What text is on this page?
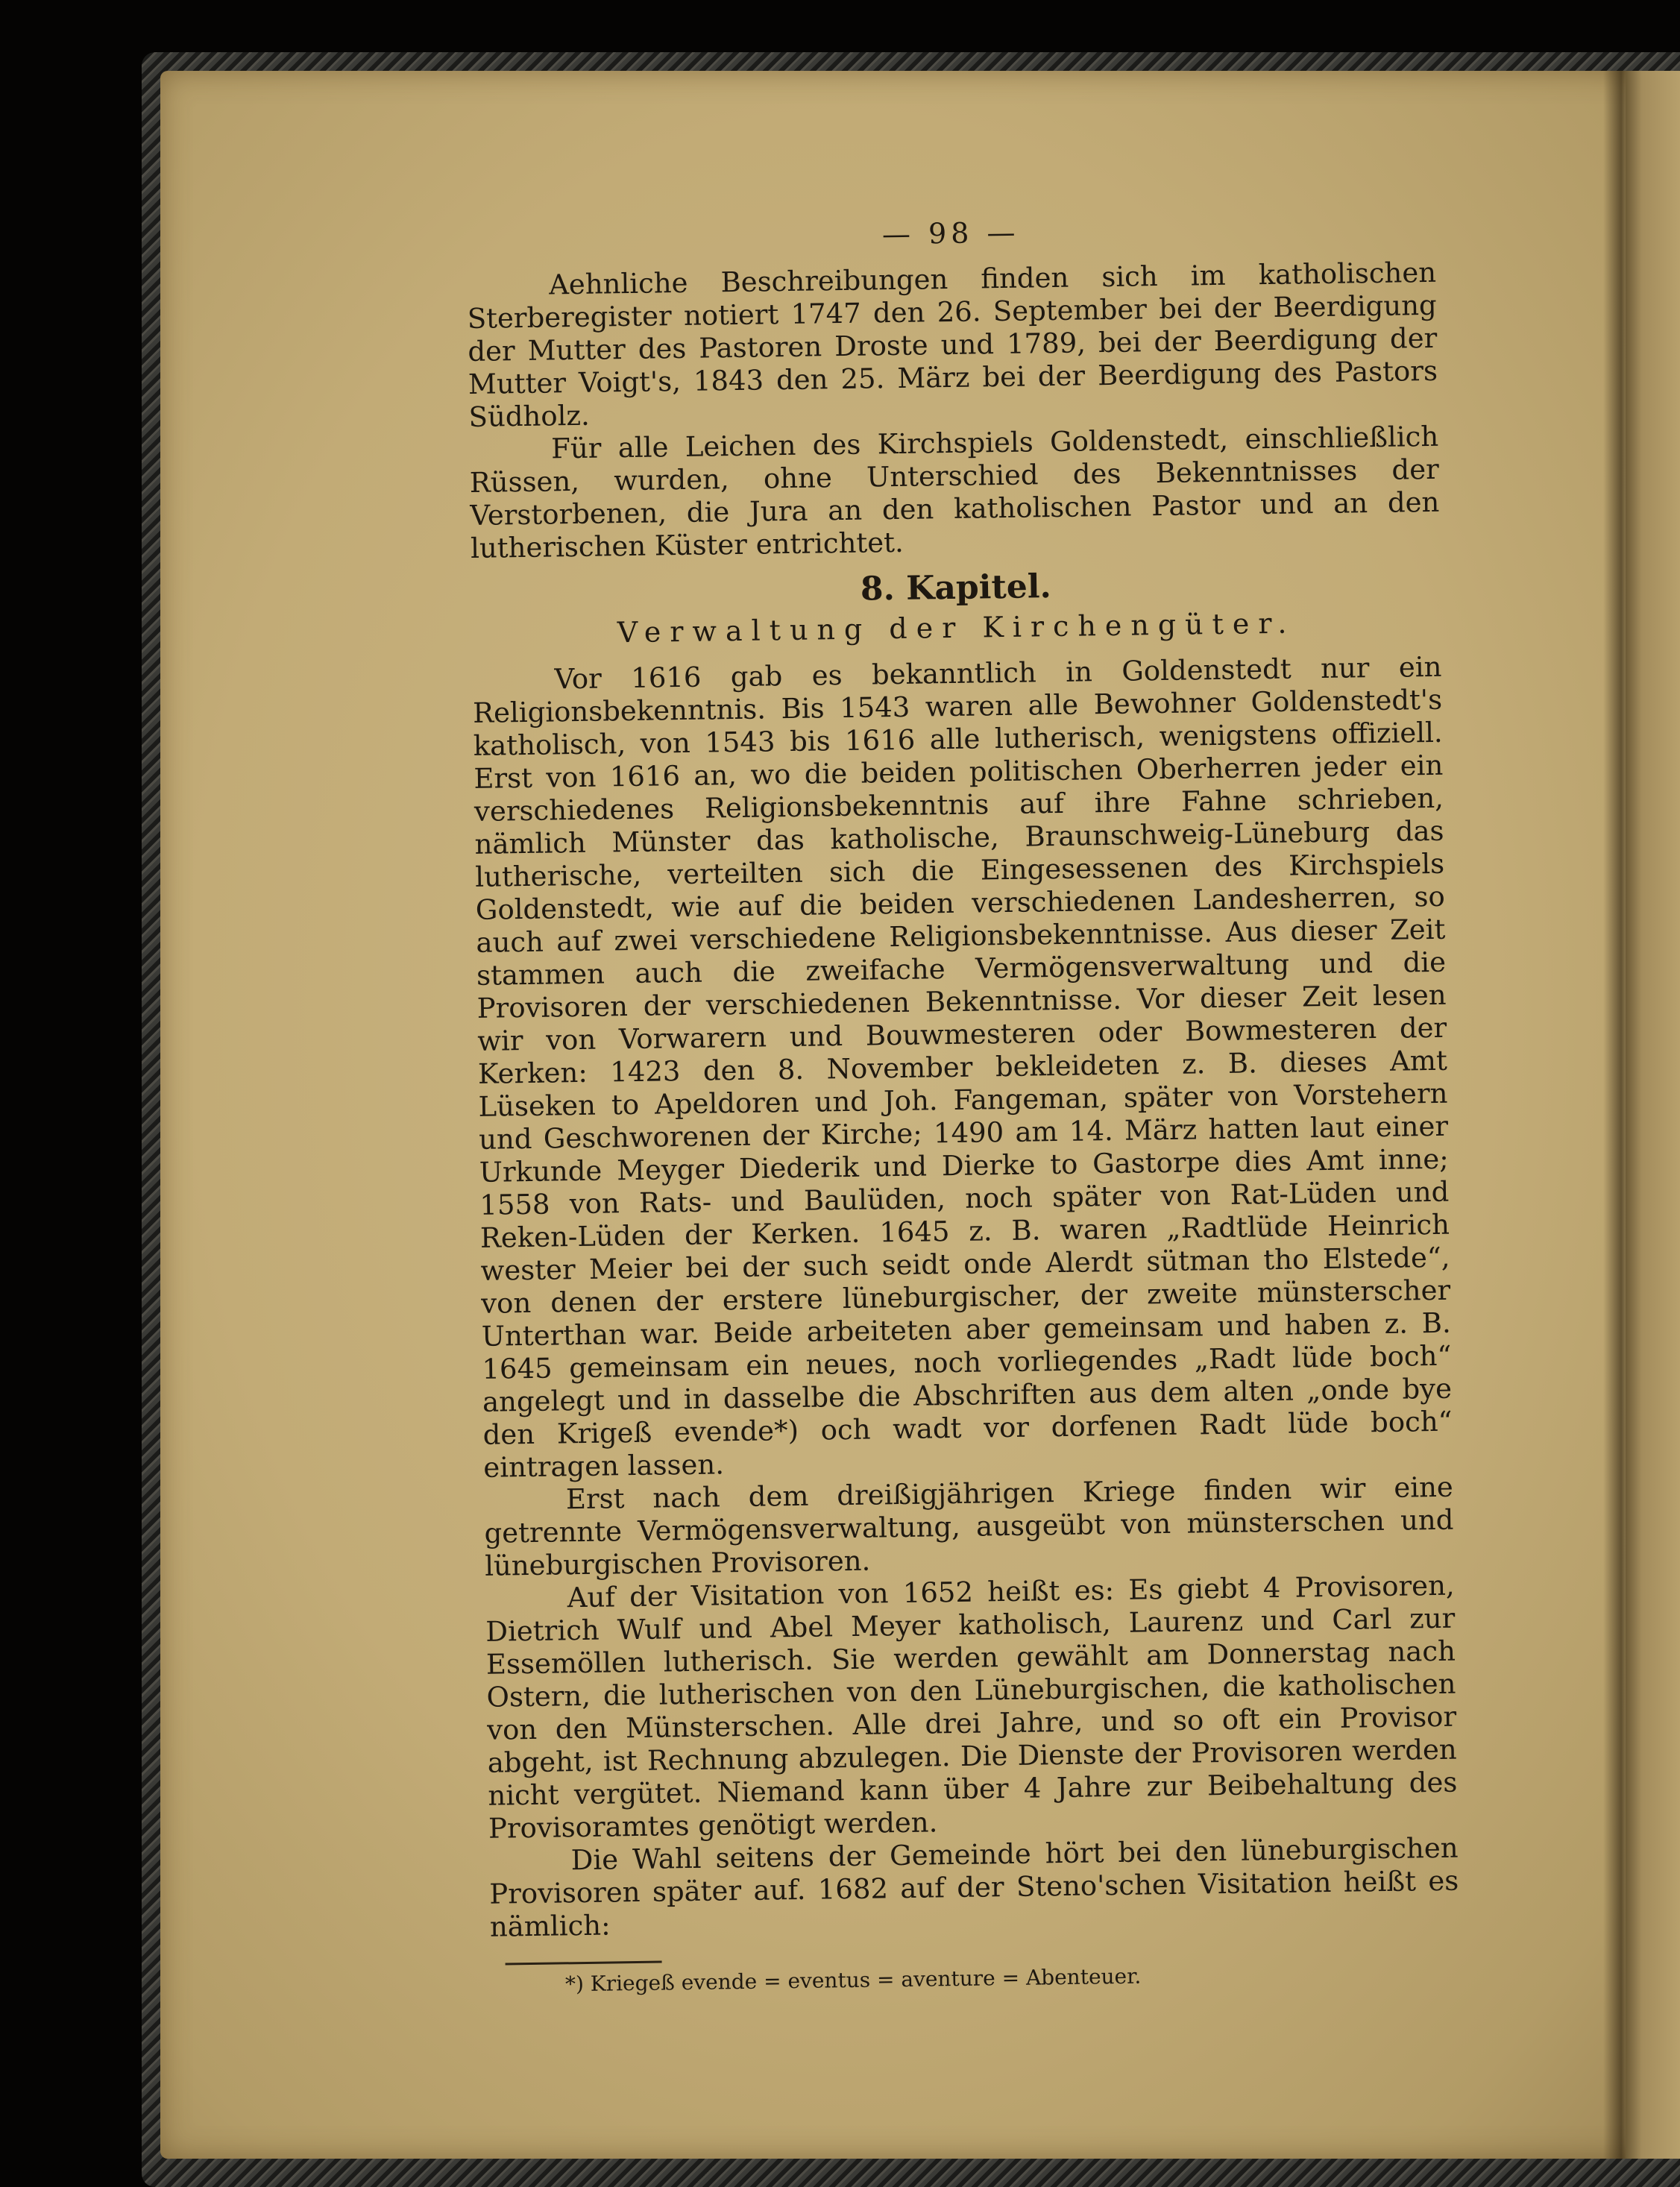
— 98 —

Aehnliche Beschreibungen finden sich im katholischen Sterberegister notiert 1747 den 26. September bei der Beerdigung der Mutter des Pastoren Droste und 1789, bei der Beerdigung der Mutter Voigt's, 1843 den 25. März bei der Beerdigung des Pastors Südholz.

Für alle Leichen des Kirchspiels Goldenstedt, einschließlich Rüssen, wurden, ohne Unterschied des Bekenntnisses der Verstorbenen, die Jura an den katholischen Pastor und an den lutherischen Küster entrichtet.

8. Kapitel.
Verwaltung der Kirchengüter.

Vor 1616 gab es bekanntlich in Goldenstedt nur ein Religionsbekenntnis. Bis 1543 waren alle Bewohner Goldenstedt's katholisch, von 1543 bis 1616 alle lutherisch, wenigstens offiziell. Erst von 1616 an, wo die beiden politischen Oberherren jeder ein verschiedenes Religionsbekenntnis auf ihre Fahne schrieben, nämlich Münster das katholische, Braunschweig-Lüneburg das lutherische, verteilten sich die Eingesessenen des Kirchspiels Goldenstedt, wie auf die beiden verschiedenen Landesherren, so auch auf zwei verschiedene Religionsbekenntnisse. Aus dieser Zeit stammen auch die zweifache Vermögensverwaltung und die Provisoren der verschiedenen Bekenntnisse. Vor dieser Zeit lesen wir von Vorwarern und Bouwmesteren oder Bowmesteren der Kerken: 1423 den 8. November bekleideten z. B. dieses Amt Lüseken to Apeldoren und Joh. Fangeman, später von Vorstehern und Geschworenen der Kirche; 1490 am 14. März hatten laut einer Urkunde Meyger Diederik und Dierke to Gastorpe dies Amt inne; 1558 von Rats- und Baulüden, noch später von Rat-Lüden und Reken-Lüden der Kerken. 1645 z. B. waren „Radtlüde Heinrich wester Meier bei der such seidt onde Alerdt sütman tho Elstede“, von denen der erstere lüneburgischer, der zweite münsterscher Unterthan war. Beide arbeiteten aber gemeinsam und haben z. B. 1645 gemeinsam ein neues, noch vorliegendes „Radt lüde boch“ angelegt und in dasselbe die Abschriften aus dem alten „onde bye den Krigeß evende*) och wadt vor dorfenen Radt lüde boch“ eintragen lassen.

Erst nach dem dreißigjährigen Kriege finden wir eine getrennte Vermögensverwaltung, ausgeübt von münsterschen und lüneburgischen Provisoren.

Auf der Visitation von 1652 heißt es: Es giebt 4 Provisoren, Dietrich Wulf und Abel Meyer katholisch, Laurenz und Carl zur Essemöllen lutherisch. Sie werden gewählt am Donnerstag nach Ostern, die lutherischen von den Lüneburgischen, die katholischen von den Münsterschen. Alle drei Jahre, und so oft ein Provisor abgeht, ist Rechnung abzulegen. Die Dienste der Provisoren werden nicht vergütet. Niemand kann über 4 Jahre zur Beibehaltung des Provisoramtes genötigt werden.

Die Wahl seitens der Gemeinde hört bei den lüneburgischen Provisoren später auf. 1682 auf der Steno'schen Visitation heißt es nämlich:

*) Kriegeß evende = eventus = aventure = Abenteuer.
